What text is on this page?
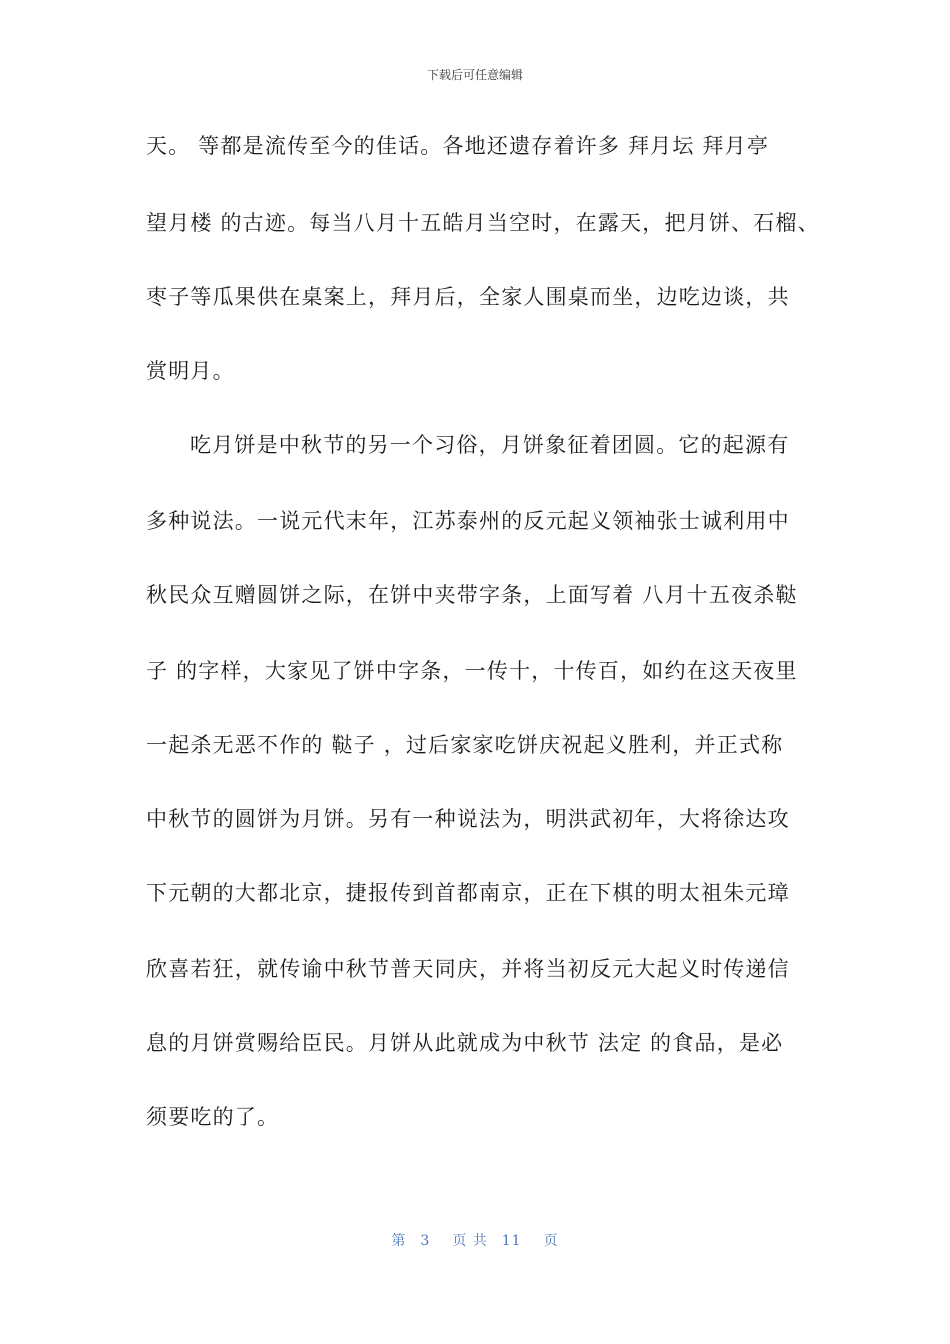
下载后可任意编辑
天。 等都是流传至今的佳话。各地还遗存着许多 拜月坛 拜月亭
望月楼 的古迹。每当八月十五皓月当空时，在露天，把月饼、石榴、
枣子等瓜果供在桌案上，拜月后，全家人围桌而坐，边吃边谈，共
赏明月。
吃月饼是中秋节的另一个习俗，月饼象征着团圆。它的起源有
多种说法。一说元代末年，江苏泰州的反元起义领袖张士诚利用中
秋民众互赠圆饼之际，在饼中夹带字条，上面写着 八月十五夜杀鞑
子 的字样，大家见了饼中字条，一传十，十传百，如约在这天夜里
一起杀无恶不作的 鞑子 ，过后家家吃饼庆祝起义胜利，并正式称
中秋节的圆饼为月饼。另有一种说法为，明洪武初年，大将徐达攻
下元朝的大都北京，捷报传到首都南京，正在下棋的明太祖朱元璋
欣喜若狂，就传谕中秋节普天同庆，并将当初反元大起义时传递信
息的月饼赏赐给臣民。月饼从此就成为中秋节 法定 的食品，是必
须要吃的了。
第 3 页 共 11 页
